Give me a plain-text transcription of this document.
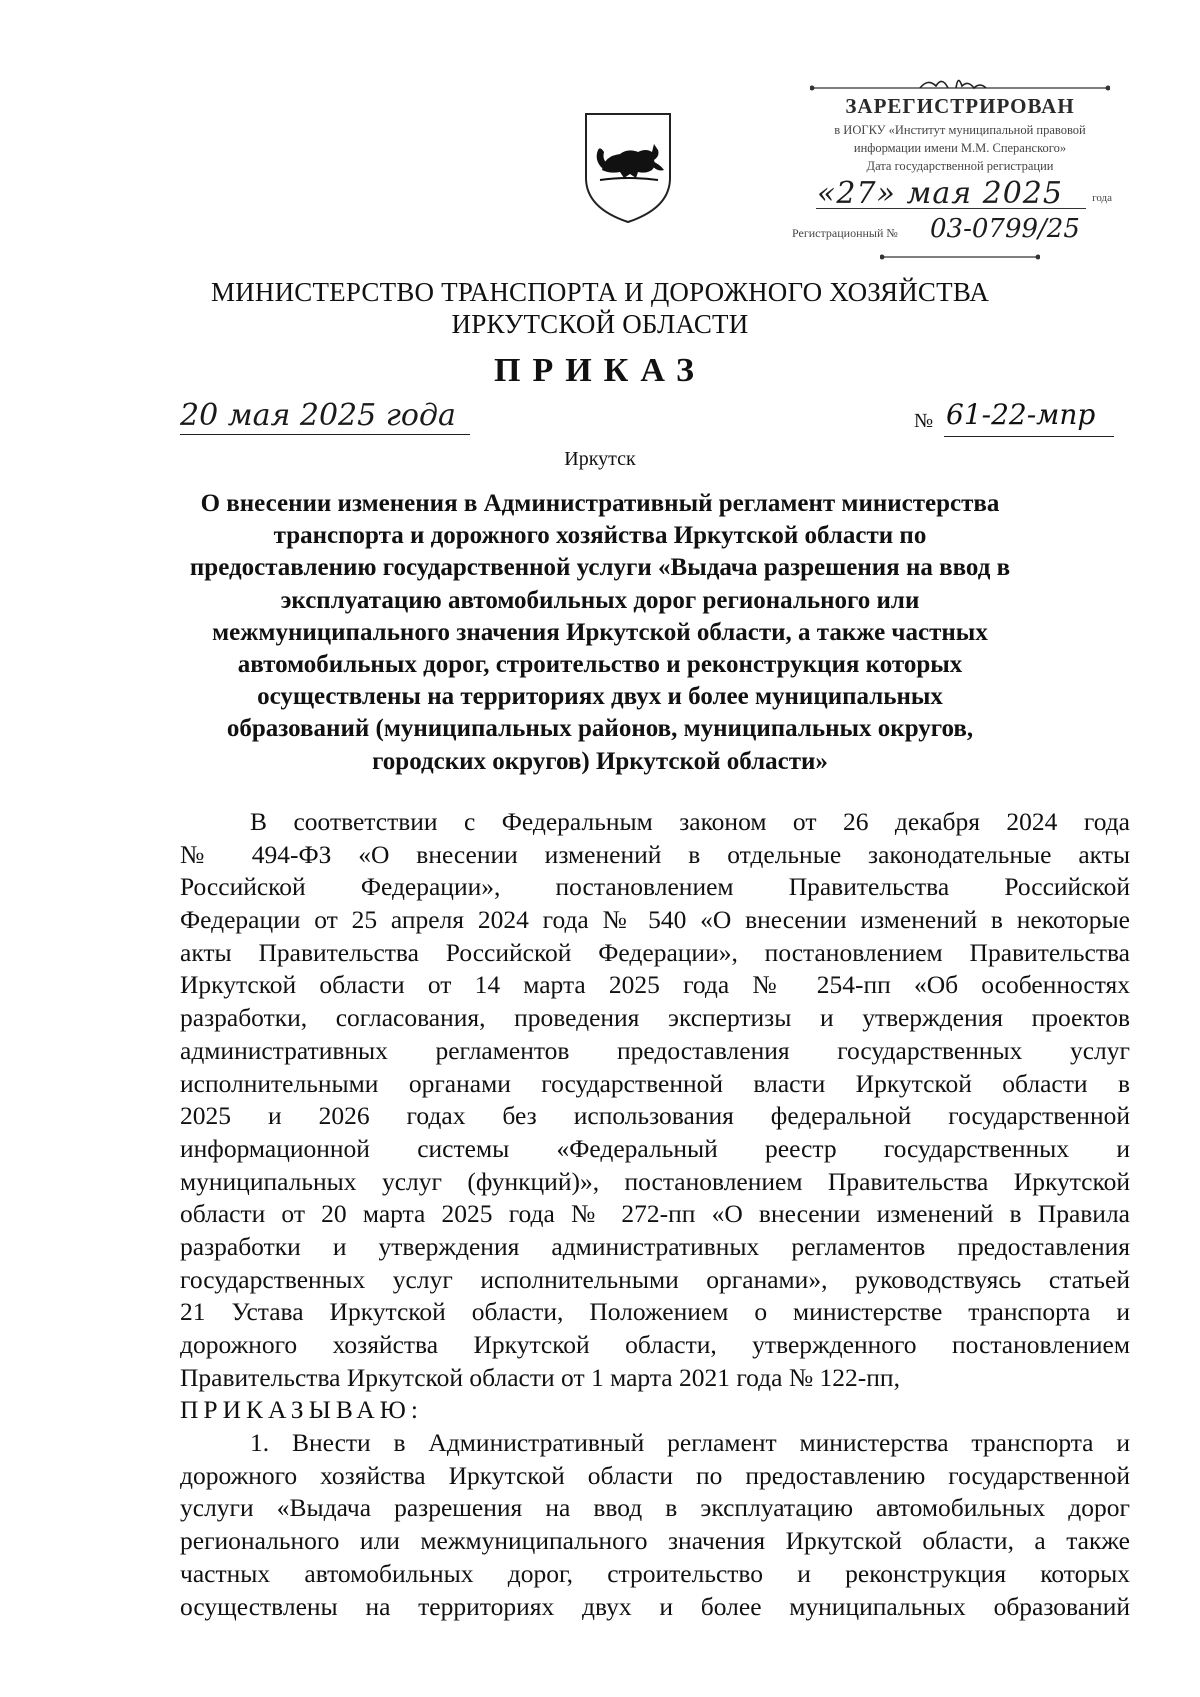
ЗАРЕГИСТРИРОВАН
в ИОГКУ «Институт муниципальной правовой
информации имени М.М. Сперанского»
Дата государственной регистрации
«27» мая 2025	года
Регистрационный № 03-0799/25
МИНИСТЕРСТВО ТРАНСПОРТА И ДОРОЖНОГО ХОЗЯЙСТВА
ИРКУТСКОЙ ОБЛАСТИ
ПРИКАЗ
20 мая 2025 года	№ 61-22-мпр
Иркутск
О внесении изменения в Административный регламент министерства
транспорта и дорожного хозяйства Иркутской области по
предоставлению государственной услуги «Выдача разрешения на ввод в
эксплуатацию автомобильных дорог регионального или
межмуниципального значения Иркутской области, а также частных
автомобильных дорог, строительство и реконструкция которых
осуществлены на территориях двух и более муниципальных
образований (муниципальных районов, муниципальных округов,
городских округов) Иркутской области»
В соответствии с Федеральным законом от 26 декабря 2024 года
№ 494-ФЗ «О внесении изменений в отдельные законодательные акты
Российской Федерации», постановлением Правительства Российской
Федерации от 25 апреля 2024 года № 540 «О внесении изменений в некоторые
акты Правительства Российской Федерации», постановлением Правительства
Иркутской области от 14 марта 2025 года № 254-пп «Об особенностях
разработки, согласования, проведения экспертизы и утверждения проектов
административных регламентов предоставления государственных услуг
исполнительными органами государственной власти Иркутской области в
2025 и 2026 годах без использования федеральной государственной
информационной системы «Федеральный реестр государственных и
муниципальных услуг (функций)», постановлением Правительства Иркутской
области от 20 марта 2025 года № 272-пп «О внесении изменений в Правила
разработки и утверждения административных регламентов предоставления
государственных услуг исполнительными органами», руководствуясь статьей
21 Устава Иркутской области, Положением о министерстве транспорта и
дорожного хозяйства Иркутской области, утвержденного постановлением
Правительства Иркутской области от 1 марта 2021 года № 122-пп,
ПРИКАЗЫВАЮ:
1. Внести в Административный регламент министерства транспорта и
дорожного хозяйства Иркутской области по предоставлению государственной
услуги «Выдача разрешения на ввод в эксплуатацию автомобильных дорог
регионального или межмуниципального значения Иркутской области, а также
частных автомобильных дорог, строительство и реконструкция которых
осуществлены на территориях двух и более муниципальных образований
